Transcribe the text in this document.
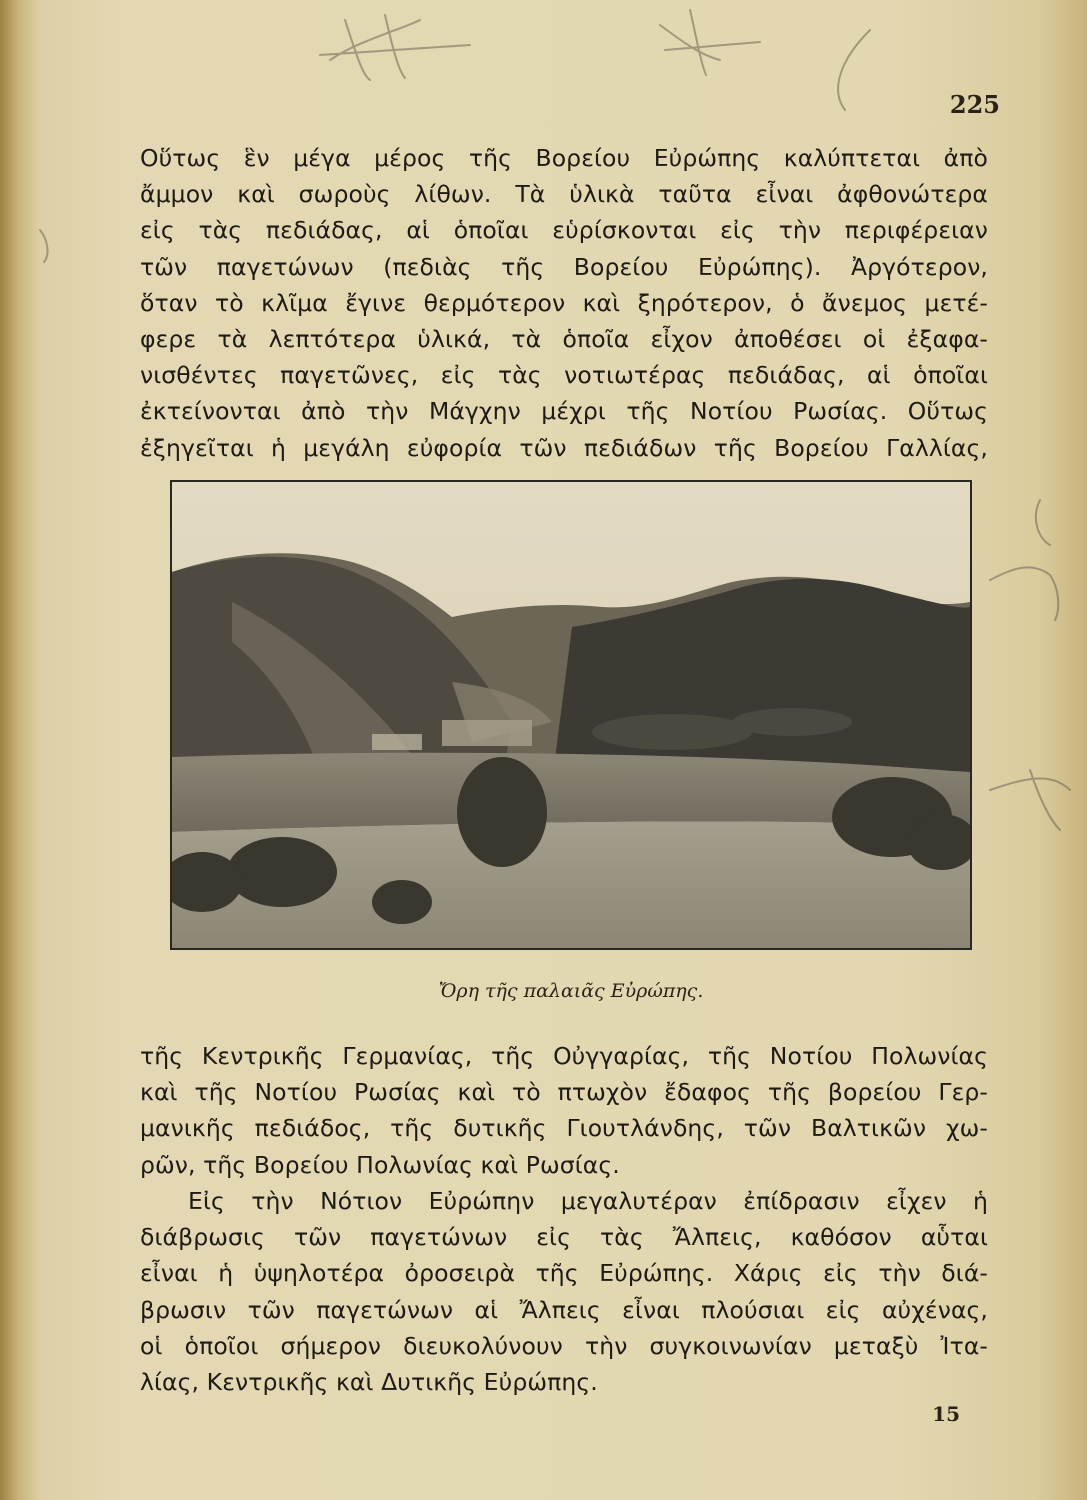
225
Οὕτως ἓν μέγα μέρος τῆς Βορείου Εὐρώπης καλύπτεται ἀπὸ
ἄμμον καὶ σωροὺς λίθων. Τὰ ὑλικὰ ταῦτα εἶναι ἀφθονώτερα
εἰς τὰς πεδιάδας, αἱ ὁποῖαι εὑρίσκονται εἰς τὴν περιφέρειαν
τῶν παγετώνων (πεδιὰς τῆς Βορείου Εὐρώπης). Ἀργότερον,
ὅταν τὸ κλῖμα ἔγινε θερμότερον καὶ ξηρότερον, ὁ ἄνεμος μετέ-
φερε τὰ λεπτότερα ὑλικά, τὰ ὁποῖα εἶχον ἀποθέσει οἱ ἐξαφα-
νισθέντες παγετῶνες, εἰς τὰς νοτιωτέρας πεδιάδας, αἱ ὁποῖαι
ἐκτείνονται ἀπὸ τὴν Μάγχην μέχρι τῆς Νοτίου Ρωσίας. Οὕτως
ἐξηγεῖται ἡ μεγάλη εὐφορία τῶν πεδιάδων τῆς Βορείου Γαλλίας,
Ὄρη τῆς παλαιᾶς Εὐρώπης.
τῆς Κεντρικῆς Γερμανίας, τῆς Οὐγγαρίας, τῆς Νοτίου Πολωνίας
καὶ τῆς Νοτίου Ρωσίας καὶ τὸ πτωχὸν ἔδαφος τῆς βορείου Γερ-
μανικῆς πεδιάδος, τῆς δυτικῆς Γιουτλάνδης, τῶν Βαλτικῶν χω-
ρῶν, τῆς Βορείου Πολωνίας καὶ Ρωσίας.
Εἰς τὴν Νότιον Εὐρώπην μεγαλυτέραν ἐπίδρασιν εἶχεν ἡ
διάβρωσις τῶν παγετώνων εἰς τὰς Ἄλπεις, καθόσον αὗται
εἶναι ἡ ὑψηλοτέρα ὀροσειρὰ τῆς Εὐρώπης. Χάρις εἰς τὴν διά-
βρωσιν τῶν παγετώνων αἱ Ἄλπεις εἶναι πλούσιαι εἰς αὐχένας,
οἱ ὁποῖοι σήμερον διευκολύνουν τὴν συγκοινωνίαν μεταξὺ Ἰτα-
λίας, Κεντρικῆς καὶ Δυτικῆς Εὐρώπης.
15
